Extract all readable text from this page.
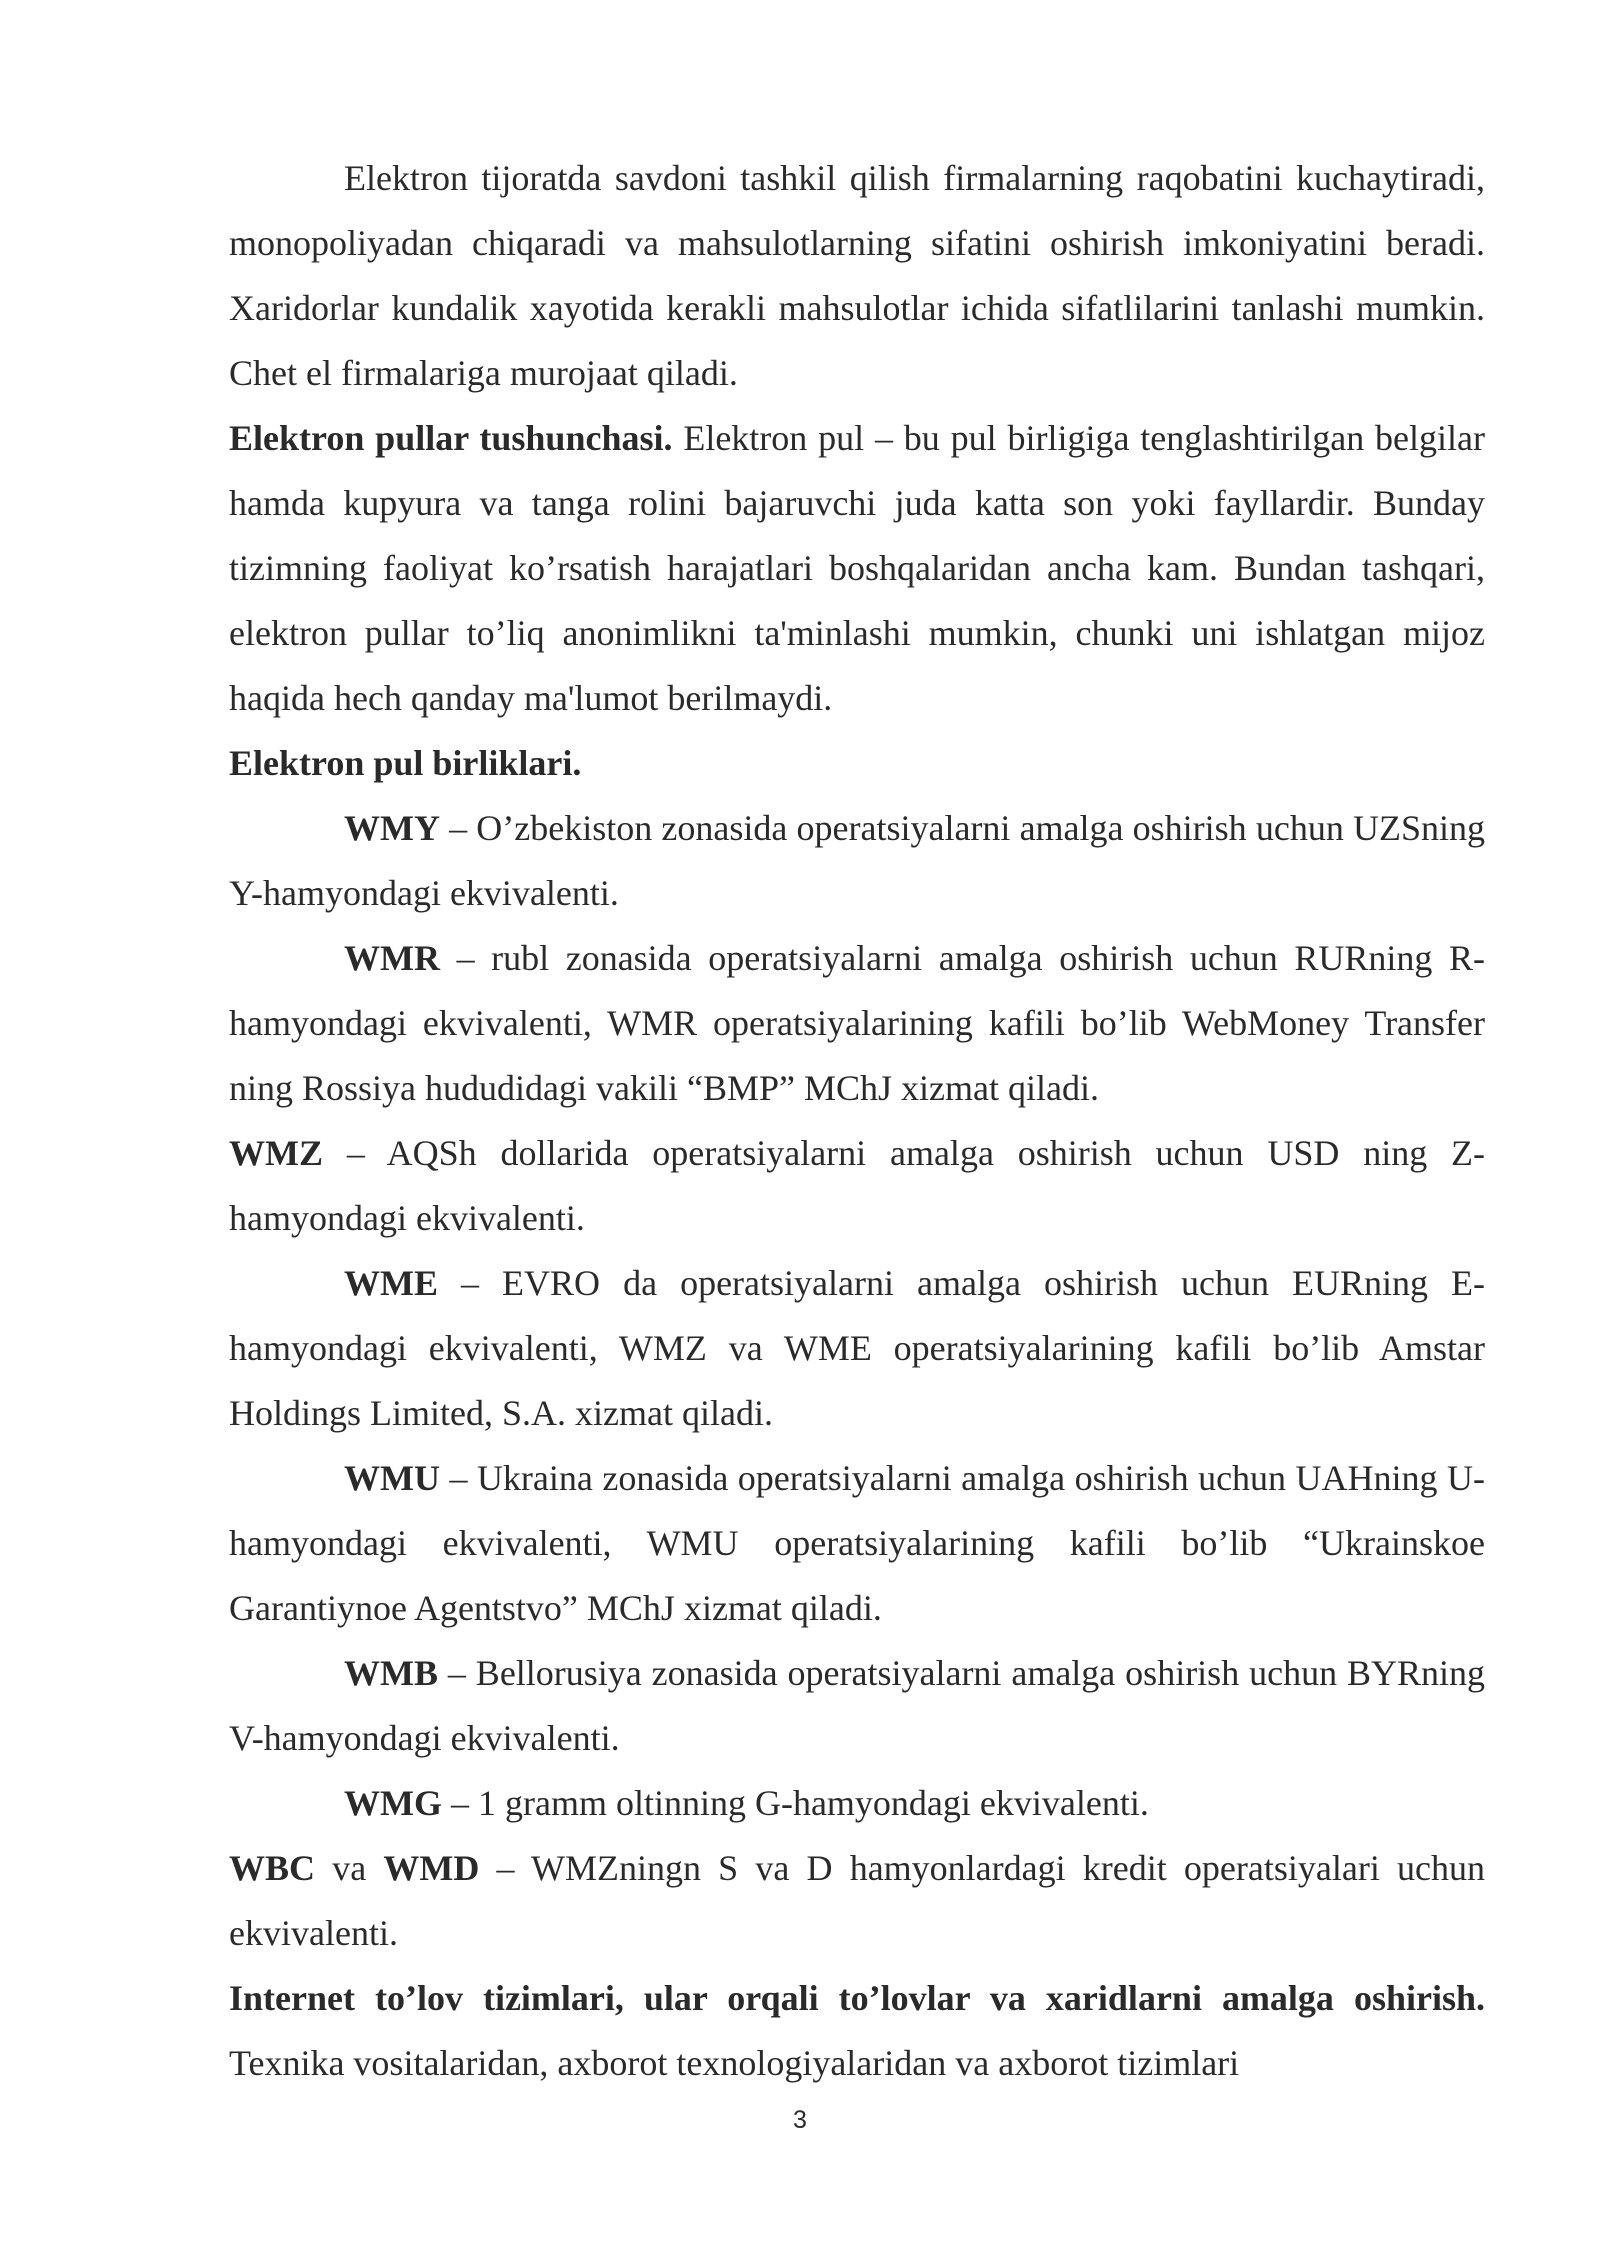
Elektron tijoratda savdoni tashkil qilish firmalarning raqobatini kuchaytiradi, monopoliyadan chiqaradi va mahsulotlarning sifatini oshirish imkoniyatini beradi. Xaridorlar kundalik xayotida kerakli mahsulotlar ichida sifatlilarini tanlashi mumkin. Chet el firmalariga murojaat qiladi.
Elektron pullar tushunchasi. Elektron pul – bu pul birligiga tenglashtirilgan belgilar hamda kupyura va tanga rolini bajaruvchi juda katta son yoki fayllardir. Bunday tizimning faoliyat ko’rsatish harajatlari boshqalaridan ancha kam. Bundan tashqari, elektron pullar to’liq anonimlikni ta'minlashi mumkin, chunki uni ishlatgan mijoz haqida hech qanday ma'lumot berilmaydi.
Elektron pul birliklari.

WMY – O’zbekiston zonasida operatsiyalarni amalga oshirish uchun UZSning Y-hamyondagi ekvivalenti.

WMR – rubl zonasida operatsiyalarni amalga oshirish uchun RURning R-hamyondagi ekvivalenti, WMR operatsiyalarining kafili bo’lib WebMoney Transfer ning Rossiya hududidagi vakili “BMP” MChJ xizmat qiladi.
WMZ – AQSh dollarida operatsiyalarni amalga oshirish uchun USD ning Z-hamyondagi ekvivalenti.

WME – EVRO da operatsiyalarni amalga oshirish uchun EURning E-hamyondagi ekvivalenti, WMZ va WME operatsiyalarining kafili bo’lib Amstar Holdings Limited, S.A. xizmat qiladi.

WMU – Ukraina zonasida operatsiyalarni amalga oshirish uchun UAHning U-hamyondagi ekvivalenti, WMU operatsiyalarining kafili bo’lib “Ukrainskoe Garantiynoe Agentstvo” MChJ xizmat qiladi.

WMB – Bellorusiya zonasida operatsiyalarni amalga oshirish uchun BYRning V-hamyondagi ekvivalenti.

WMG – 1 gramm oltinning G-hamyondagi ekvivalenti.
WBC va WMD – WMZningn S va D hamyonlardagi kredit operatsiyalari uchun ekvivalenti.

Internet to’lov tizimlari, ular orqali to’lovlar va xaridlarni amalga oshirish. Texnika vositalaridan, axborot texnologiyalaridan va axborot tizimlari

3
